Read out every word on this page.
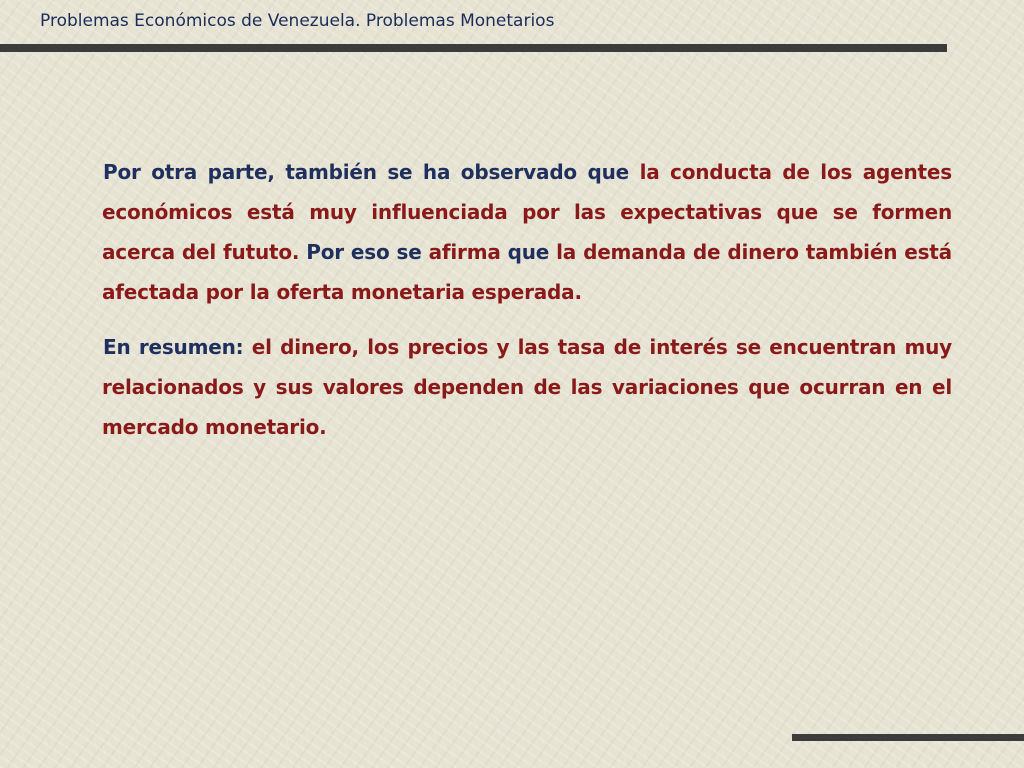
Problemas Económicos de Venezuela. Problemas Monetarios

Por otra parte, también se ha observado que la conducta de los agentes económicos está muy influenciada por las expectativas que se formen acerca del fututo. Por eso se afirma que la demanda de dinero también está afectada por la oferta monetaria esperada.

En resumen: el dinero, los precios y las tasa de interés se encuentran muy relacionados y sus valores dependen de las variaciones que ocurran en el mercado monetario.
